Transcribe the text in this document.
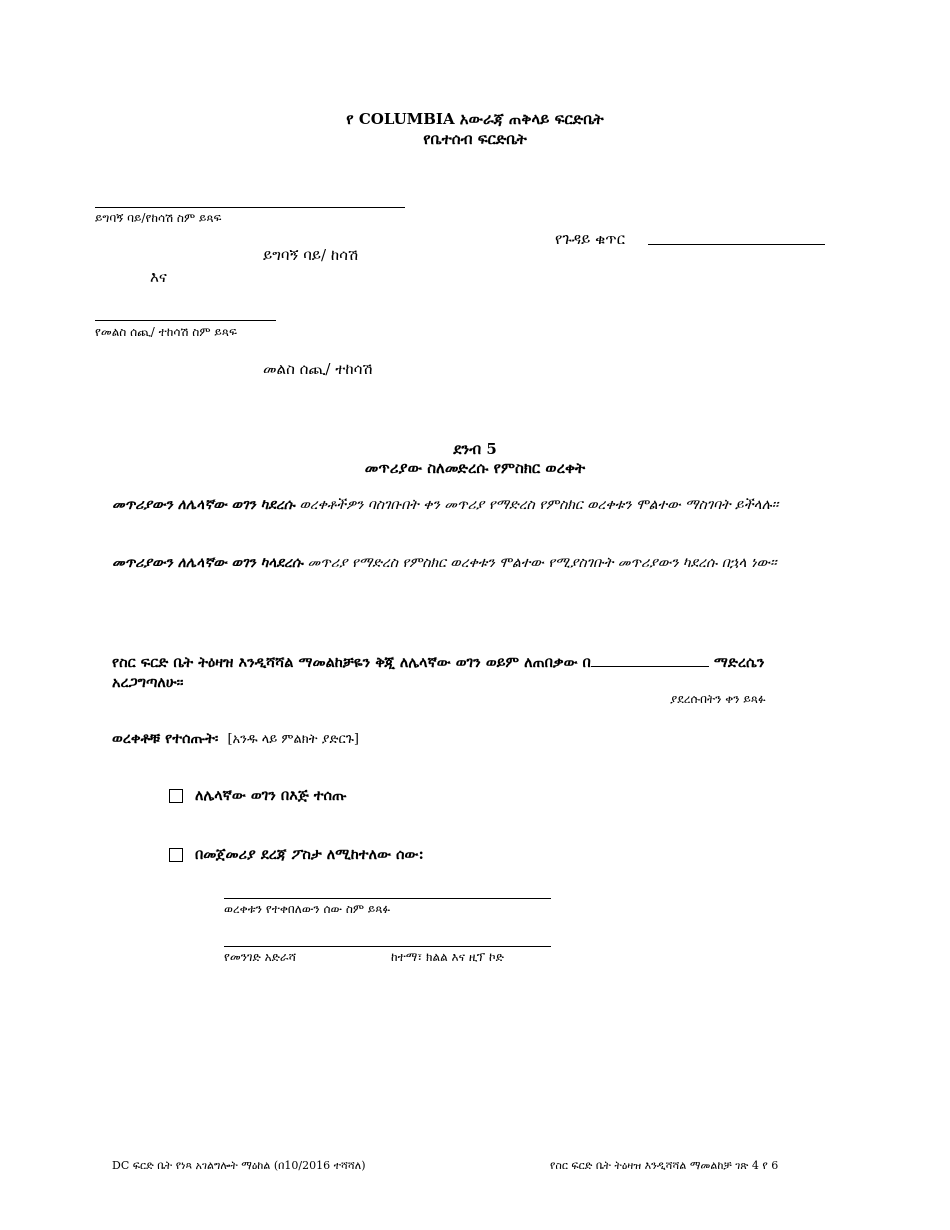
የ COLUMBIA አውራጃ ጠቅላይ ፍርድቤት
የቤተሰብ ፍርድቤት
ይግባኝ ባይ/የከሳሽ ስም ይጻፍ
ይግባኝ ባይ/ ከሳሽ
እና
የጉዳይ ቁጥር
የመልስ ሰጪ/ ተከሳሽ ስም ይጻፍ
መልስ ሰጪ/ ተከሳሽ
ደንብ 5
መጥሪያው ስለመድረሱ የምስክር ወረቀት
መጥሪያውን ለሌላኛው ወገን ካደረሱ ወረቀቶችዎን ባስገቡበት ቀን መጥሪያ የማድረስ የምስክር ወረቀቱን ሞልተው ማስገባት ይችላሉ፡፡
መጥሪያውን ለሌላኛው ወገን ካላደረሱ መጥሪያ የማድረስ የምስክር ወረቀቱን ሞልተው የሚያስገቡት መጥሪያውን ካደረሱ በኋላ ነው፡፡
የስር ፍርድ ቤት ትዕዛዝ እንዲሻሻል ማመልከቻዬን ቅጂ ለሌላኛው ወገን ወይም ለጠበቃው በ	ማድረሴን አረጋግጣለሁ፡፡
ያደረሱበትን ቀን ይጻፉ
ወረቀቶቹ የተሰጡት፡ [አንዱ ላይ ምልክት ያድርጉ]
ለሌላኛው ወገን በእጅ ተሰጡ
በመጀመሪያ ደረጃ ፖስታ ለሚከተለው ሰው:
ወረቀቱን የተቀበለውን ሰው ስም ይጻፉ
የመንገድ አድራሻ	ከተማ፣ ክልል እና ዚፕ ኮድ
DC ፍርድ ቤት የነጻ አገልግሎት ማዕከል (በ10/2016 ተሻሻለ)	የስር ፍርድ ቤት ትዕዛዝ እንዲሻሻል ማመልከቻ ገጽ 4 የ 6
